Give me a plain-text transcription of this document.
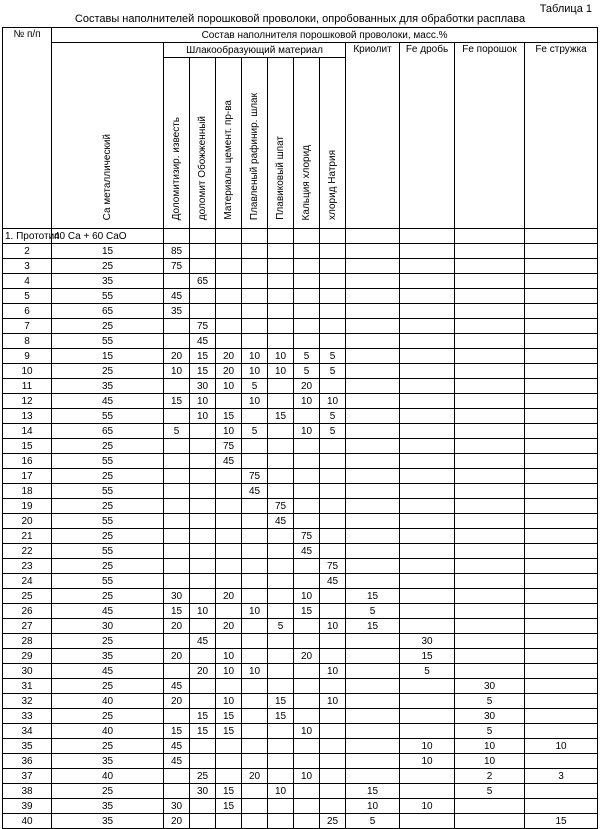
Таблица 1
Составы наполнителей порошковой проволоки, опробованных для обработки расплава
№ п/п	Состав наполнителя порошковой проволоки, масс.%											
	Са металлический	Шлакообразующий материал							Криолит	Fe дробь	Fe порошок	Fe стружка
		Доломитизир. известь	доломит Обожженный	Материалы цемент. пр-ва	Плавленый рафинир. шлак	Плавиковый шпат	Кальция хлорид	хлорид Натрия				
1. Прототип	40 Ca + 60 CaO											
2	15	85										
3	25	75										
4	35		65									
5	55	45										
6	65	35										
7	25		75									
8	55		45									
9	15	20	15	20	10	10	5	5				
10	25	10	15	20	10	10	5	5				
11	35		30	10	5		20					
12	45	15	10		10		10	10				
13	55		10	15		15		5				
14	65	5		10	5		10	5				
15	25			75								
16	55			45								
17	25				75							
18	55				45							
19	25					75						
20	55					45						
21	25						75					
22	55						45					
23	25							75				
24	55							45				
25	25	30		20			10		15			
26	45	15	10		10		15		5			
27	30	20		20		5		10	15			
28	25		45							30		
29	35	20		10			20			15		
30	45		20	10	10			10		5		
31	25	45									30	
32	40	20		10		15		10			5	
33	25		15	15		15					30	
34	40	15	15	15			10				5	
35	25	45								10	10	10
36	35	45								10	10	
37	40		25		20		10				2	3
38	25		30	15		10			15		5	
39	35	30		15					10	10		
40	35	20						25	5			15
